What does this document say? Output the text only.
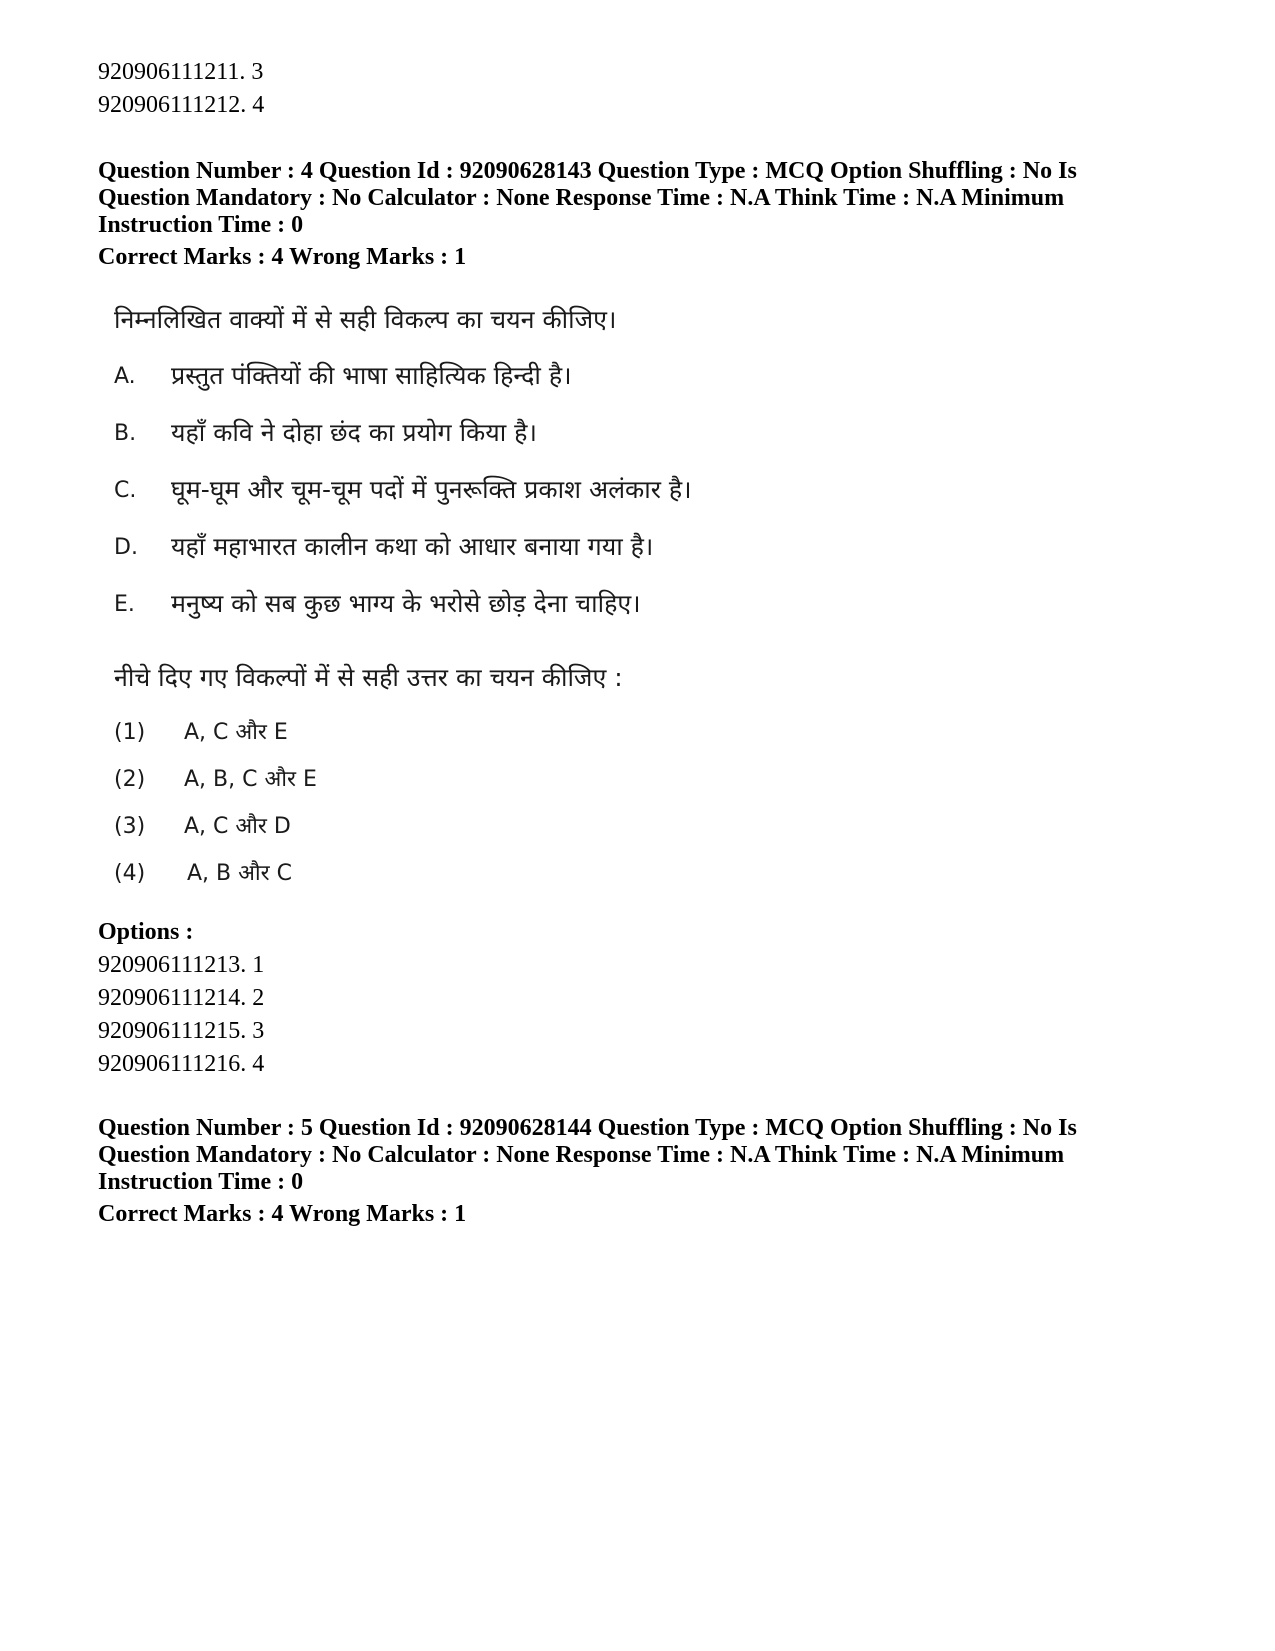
920906111211. 3
920906111212. 4
Question Number : 4 Question Id : 92090628143 Question Type : MCQ Option Shuffling : No Is
Question Mandatory : No Calculator : None Response Time : N.A Think Time : N.A Minimum
Instruction Time : 0
Correct Marks : 4 Wrong Marks : 1
निम्नलिखित वाक्यों में से सही विकल्प का चयन कीजिए।
A. प्रस्तुत पंक्तियों की भाषा साहित्यिक हिन्दी है।
B. यहाँ कवि ने दोहा छंद का प्रयोग किया है।
C. घूम-घूम और चूम-चूम पदों में पुनरूक्ति प्रकाश अलंकार है।
D. यहाँ महाभारत कालीन कथा को आधार बनाया गया है।
E. मनुष्य को सब कुछ भाग्य के भरोसे छोड़ देना चाहिए।
नीचे दिए गए विकल्पों में से सही उत्तर का चयन कीजिए :
(1) A, C और E
(2) A, B, C और E
(3) A, C और D
(4) A, B और C
Options :
920906111213. 1
920906111214. 2
920906111215. 3
920906111216. 4
Question Number : 5 Question Id : 92090628144 Question Type : MCQ Option Shuffling : No Is
Question Mandatory : No Calculator : None Response Time : N.A Think Time : N.A Minimum
Instruction Time : 0
Correct Marks : 4 Wrong Marks : 1
